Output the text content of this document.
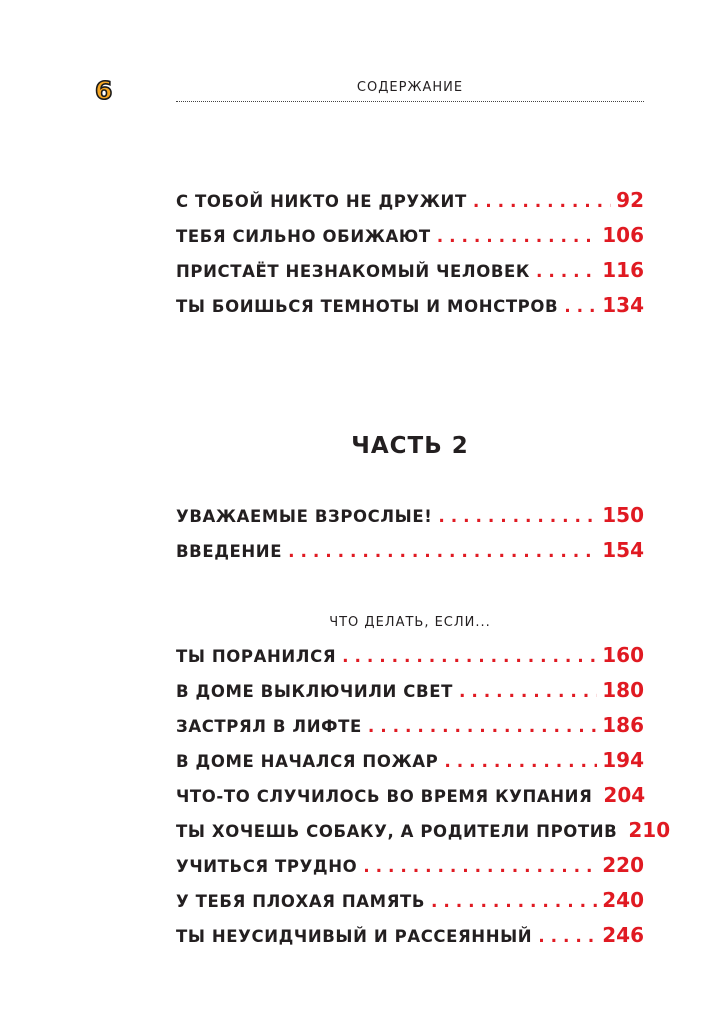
6	СОДЕРЖАНИЕ
С ТОБОЙ НИКТО НЕ ДРУЖИТ . . .	92
ТЕБЯ СИЛЬНО ОБИЖАЮТ . . .	106
ПРИСТАЁТ НЕЗНАКОМЫЙ ЧЕЛОВЕК . . .	116
ТЫ БОИШЬСЯ ТЕМНОТЫ И МОНСТРОВ . . . 134
ЧАСТЬ 2
УВАЖАЕМЫЕ ВЗРОСЛЫЕ! . . .	150
ВВЕДЕНИЕ . . .	154
ЧТО ДЕЛАТЬ, ЕСЛИ...
ТЫ ПОРАНИЛСЯ . . .	160
В ДОМЕ ВЫКЛЮЧИЛИ СВЕТ . . .	180
ЗАСТРЯЛ В ЛИФТЕ . . .	186
В ДОМЕ НАЧАЛСЯ ПОЖАР . . .	194
ЧТО-ТО СЛУЧИЛОСЬ ВО ВРЕМЯ КУПАНИЯ 204
ТЫ ХОЧЕШЬ СОБАКУ, А РОДИТЕЛИ ПРОТИВ 210
УЧИТЬСЯ ТРУДНО . . .	220
У ТЕБЯ ПЛОХАЯ ПАМЯТЬ . . .	240
ТЫ НЕУСИДЧИВЫЙ И РАССЕЯННЫЙ . . .	246
